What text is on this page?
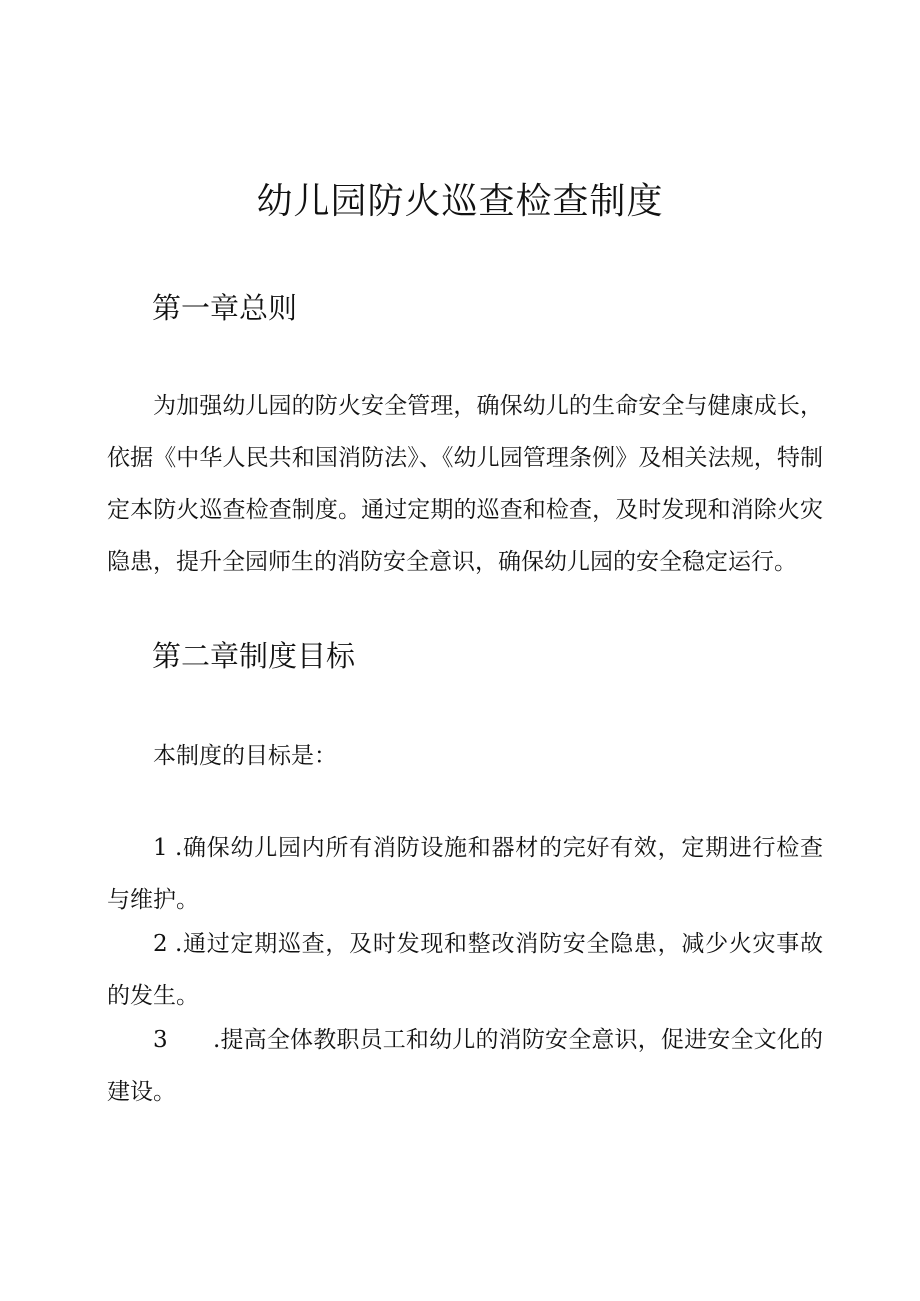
幼儿园防火巡查检查制度
第一章总则

为加强幼儿园的防火安全管理，确保幼儿的生命安全与健康成长，依据《中华人民共和国消防法》、《幼儿园管理条例》及相关法规，特制定本防火巡查检查制度。通过定期的巡查和检查，及时发现和消除火灾隐患，提升全园师生的消防安全意识，确保幼儿园的安全稳定运行。

第二章制度目标

本制度的目标是：

1 .确保幼儿园内所有消防设施和器材的完好有效，定期进行检查与维护。

2 .通过定期巡查，及时发现和整改消防安全隐患，减少火灾事故的发生。

3 .提高全体教职员工和幼儿的消防安全意识，促进安全文化的建设。
